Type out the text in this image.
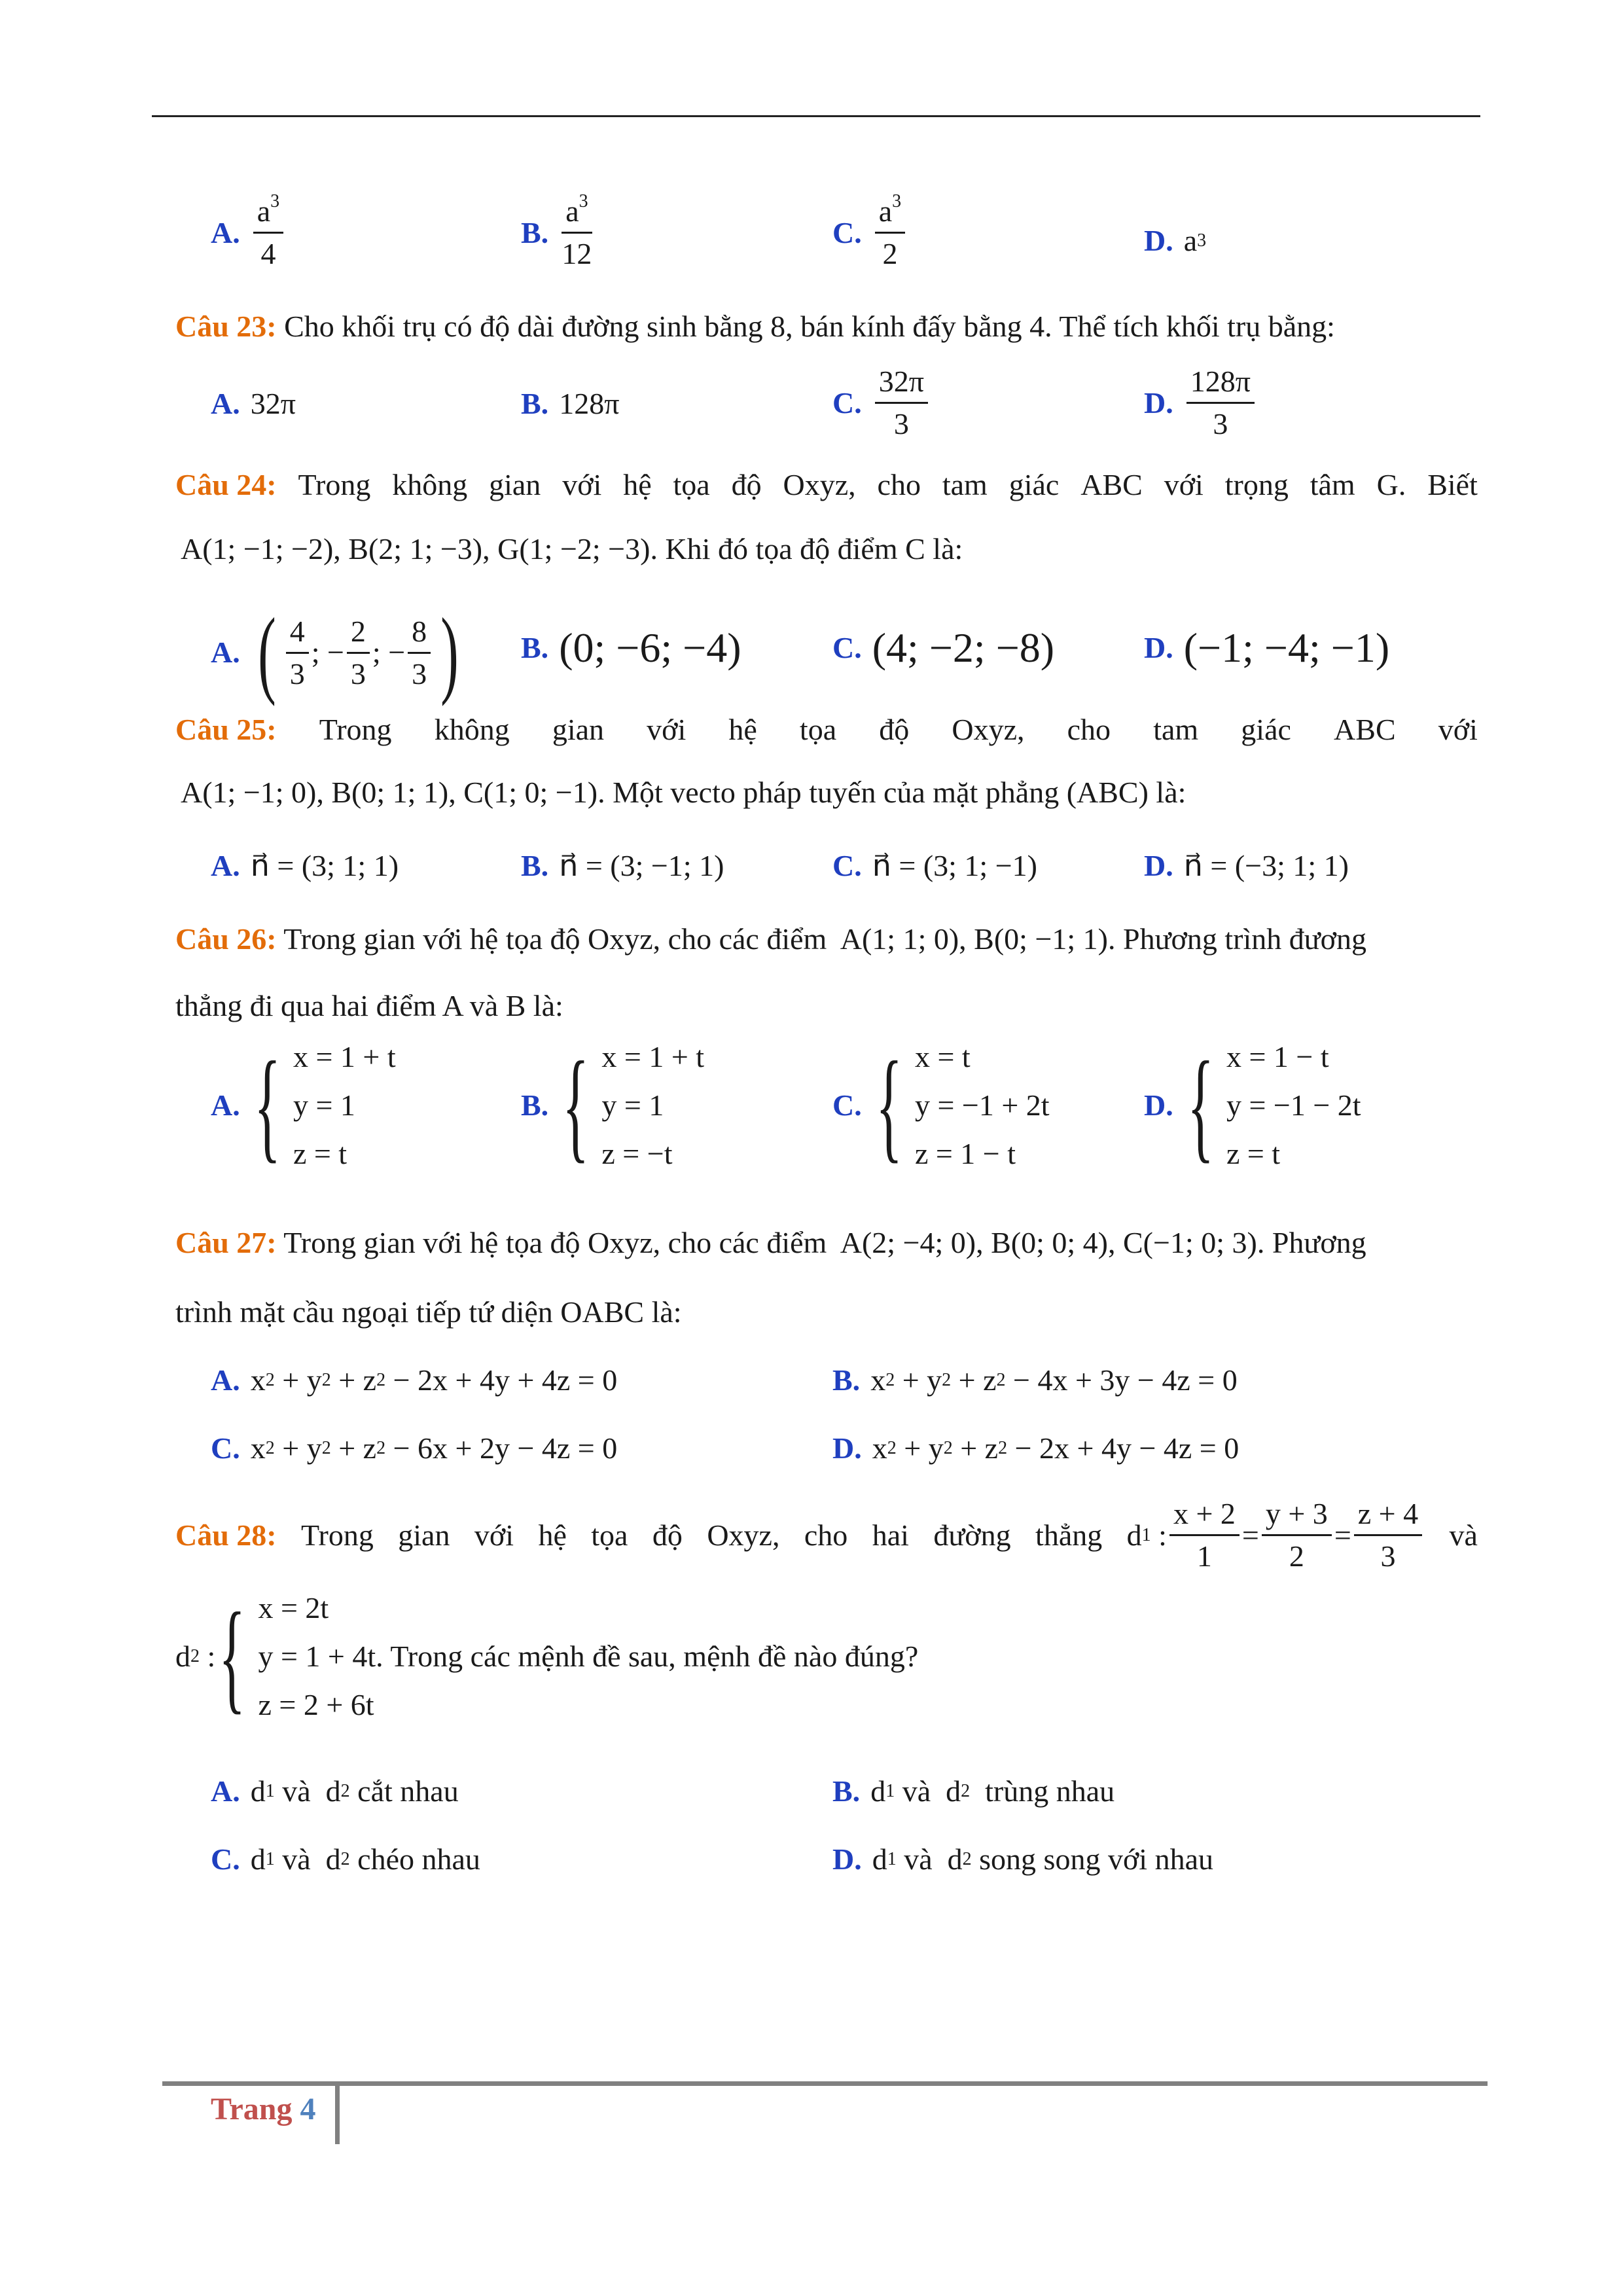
A. $\frac{a^3}{4}$	B. $\frac{a^3}{12}$	C. $\frac{a^3}{2}$	D. a 3
Câu 23: Cho khối trụ có độ dài đường sinh bằng 8, bán kính đấy bằng 4. Thể tích khối trụ bằng:
A. 32π	B. 128π	C. $\frac{32\pi}{3}$	D. $\frac{128\pi}{3}$
Câu 24: Trong không gian với hệ tọa độ Oxyz, cho tam giác ABC với trọng tâm G. Biết
A(1; −1; −2), B(2; 1; −3), G(1; −2; −3). Khi đó tọa độ điểm C là:
A. ( $\frac{4}{3}$ ; − $\frac{2}{3}$ ; − $\frac{8}{3}$ ) B. (0; −6; −4)	C. (4; −2; −8)	D. (−1; −4; −1)
Câu 25: Trong không gian với hệ tọa độ Oxyz, cho tam giác ABC với
A(1; −1; 0), B(0; 1; 1), C(1; 0; −1). Một vecto pháp tuyến của mặt phẳng (ABC) là:
A. n⃗ = (3; 1; 1)	B. n⃗ = (3; −1; 1)	C. n⃗ = (3; 1; −1)	D. n⃗ = (−3; 1; 1)
Câu 26: Trong gian với hệ tọa độ Oxyz, cho các điểm A(1; 1; 0), B(0; −1; 1). Phương trình đương
thẳng đi qua hai điểm A và B là:
A. { x = 1 + t
y = 1
z = t
B. { x = 1 + t
y = 1
z = −t
C. { x = t
y = −1 + 2t
z = 1 − t
D. { x = 1 − t
y = −1 − 2t
z = t
Câu 27: Trong gian với hệ tọa độ Oxyz, cho các điểm A(2; −4; 0), B(0; 0; 4), C(−1; 0; 3). Phương
trình mặt cầu ngoại tiếp tứ diện OABC là:
A. x 2 + y 2 + z 2
− 2x + 4y + 4z = 0	B. x 2 + y 2 + z 2
− 4x + 3y − 4z = 0
C. x 2 + y 2 + z 2
− 6x + 2y − 4z = 0	D. x 2 + y 2 + z 2
− 2x + 4y − 4z = 0
Câu 28: Trong gian với hệ tọa độ Oxyz, cho hai đường thẳng d 1 : $\frac{x + 2}{1} = \frac{y + 3}{2} = \frac{z + 4}{3}$ và
d 2 : { x = 2t
y = 1 + 4t
z = 2 + 6t
. Trong các mệnh đề sau, mệnh đề nào đúng?
A. d 1
và
d 2
cắt nhau	B. d 1
và
d 2
trùng nhau
C. d 1
và
d 2
chéo nhau	D. d 1
và
d 2
song song với nhau
Trang 4
